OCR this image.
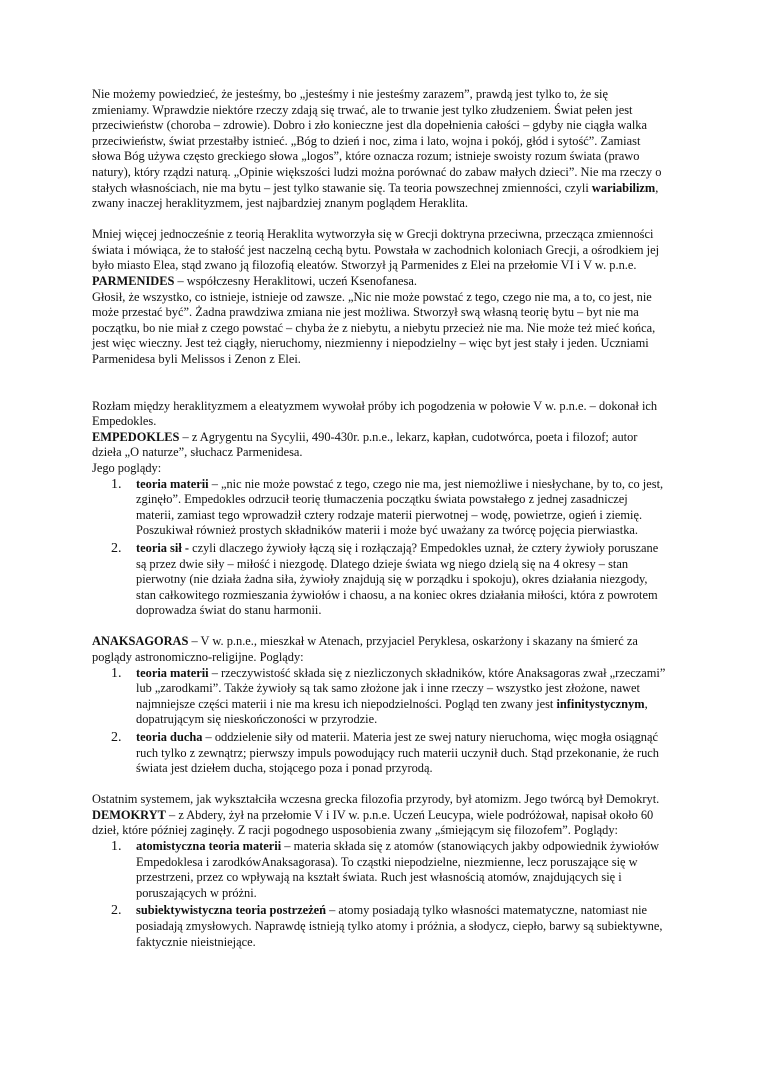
Nie możemy powiedzieć, że jesteśmy, bo „jesteśmy i nie jesteśmy zarazem”, prawdą jest tylko to, że się zmieniamy. Wprawdzie niektóre rzeczy zdają się trwać, ale to trwanie jest tylko złudzeniem. Świat pełen jest przeciwieństw (choroba – zdrowie). Dobro i zło konieczne jest dla dopełnienia całości – gdyby nie ciągła walka przeciwieństw, świat przestałby istnieć. „Bóg to dzień i noc, zima i lato, wojna i pokój, głód i sytość”. Zamiast słowa Bóg używa często greckiego słowa „logos”, które oznacza rozum; istnieje swoisty rozum świata (prawo natury), który rządzi naturą. „Opinie większości ludzi można porównać do zabaw małych dzieci”. Nie ma rzeczy o stałych własnościach, nie ma bytu – jest tylko stawanie się. Ta teoria powszechnej zmienności, czyli wariabilizm, zwany inaczej heraklityzmem, jest najbardziej znanym poglądem Heraklita.

Mniej więcej jednocześnie z teorią Heraklita wytworzyła się w Grecji doktryna przeciwna, przecząca zmienności świata i mówiąca, że to stałość jest naczelną cechą bytu. Powstała w zachodnich koloniach Grecji, a ośrodkiem jej było miasto Elea, stąd zwano ją filozofią eleatów. Stworzył ją Parmenides z Elei na przełomie VI i V w. p.n.e.
PARMENIDES – współczesny Heraklitowi, uczeń Ksenofanesa.
Głosił, że wszystko, co istnieje, istnieje od zawsze. „Nic nie może powstać z tego, czego nie ma, a to, co jest, nie może przestać być”. Żadna prawdziwa zmiana nie jest możliwa. Stworzył swą własną teorię bytu – byt nie ma początku, bo nie miał z czego powstać – chyba że z niebytu, a niebytu przecież nie ma. Nie może też mieć końca, jest więc wieczny. Jest też ciągły, nieruchomy, niezmienny i niepodzielny – więc byt jest stały i jeden. Uczniami Parmenidesa byli Melissos i Zenon z Elei.

Rozłam między heraklityzmem a eleatyzmem wywołał próby ich pogodzenia w połowie V w. p.n.e. – dokonał ich Empedokles.
EMPEDOKLES – z Agrygentu na Sycylii, 490-430r. p.n.e., lekarz, kapłan, cudotwórca, poeta i filozof; autor dzieła „O naturze”, słuchacz Parmenidesa.
Jego poglądy:

1.	teoria materii – „nic nie może powstać z tego, czego nie ma, jest niemożliwe i niesłychane, by to, co jest, zginęło”. Empedokles odrzucił teorię tłumaczenia początku świata powstałego z jednej zasadniczej materii, zamiast tego wprowadził cztery rodzaje materii pierwotnej – wodę, powietrze, ogień i ziemię. Poszukiwał również prostych składników materii i może być uważany za twórcę pojęcia pierwiastka.
2.	teoria sił - czyli dlaczego żywioły łączą się i rozłączają? Empedokles uznał, że cztery żywioły poruszane są przez dwie siły – miłość i niezgodę. Dlatego dzieje świata wg niego dzielą się na 4 okresy – stan pierwotny (nie działa żadna siła, żywioły znajdują się w porządku i spokoju), okres działania niezgody, stan całkowitego rozmieszania żywiołów i chaosu, a na koniec okres działania miłości, która z powrotem doprowadza świat do stanu harmonii.

ANAKSAGORAS – V w. p.n.e., mieszkał w Atenach, przyjaciel Peryklesa, oskarżony i skazany na śmierć za poglądy astronomiczno-religijne. Poglądy:

1.	teoria materii – rzeczywistość składa się z niezliczonych składników, które Anaksagoras zwał „rzeczami” lub „zarodkami”. Także żywioły są tak samo złożone jak i inne rzeczy – wszystko jest złożone, nawet najmniejsze części materii i nie ma kresu ich niepodzielności. Pogląd ten zwany jest infinitystycznym, dopatrującym się nieskończoności w przyrodzie.
2.	teoria ducha – oddzielenie siły od materii. Materia jest ze swej natury nieruchoma, więc mogła osiągnąć ruch tylko z zewnątrz; pierwszy impuls powodujący ruch materii uczynił duch. Stąd przekonanie, że ruch świata jest dziełem ducha, stojącego poza i ponad przyrodą.

Ostatnim systemem, jak wykształciła wczesna grecka filozofia przyrody, był atomizm. Jego twórcą był Demokryt.
DEMOKRYT – z Abdery, żył na przełomie V i IV w. p.n.e. Uczeń Leucypa, wiele podróżował, napisał około 60 dzieł, które później zaginęły. Z racji pogodnego usposobienia zwany „śmiejącym się filozofem”. Poglądy:

1.	atomistyczna teoria materii – materia składa się z atomów (stanowiących jakby odpowiednik żywiołów Empedoklesa i zarodkówAnaksagorasa). To cząstki niepodzielne, niezmienne, lecz poruszające się w przestrzeni, przez co wpływają na kształt świata. Ruch jest własnością atomów, znajdujących się i poruszających w próżni.
2.	subiektywistyczna teoria postrzeżeń – atomy posiadają tylko własności matematyczne, natomiast nie posiadają zmysłowych. Naprawdę istnieją tylko atomy i próżnia, a słodycz, ciepło, barwy są subiektywne, faktycznie nieistniejące.
